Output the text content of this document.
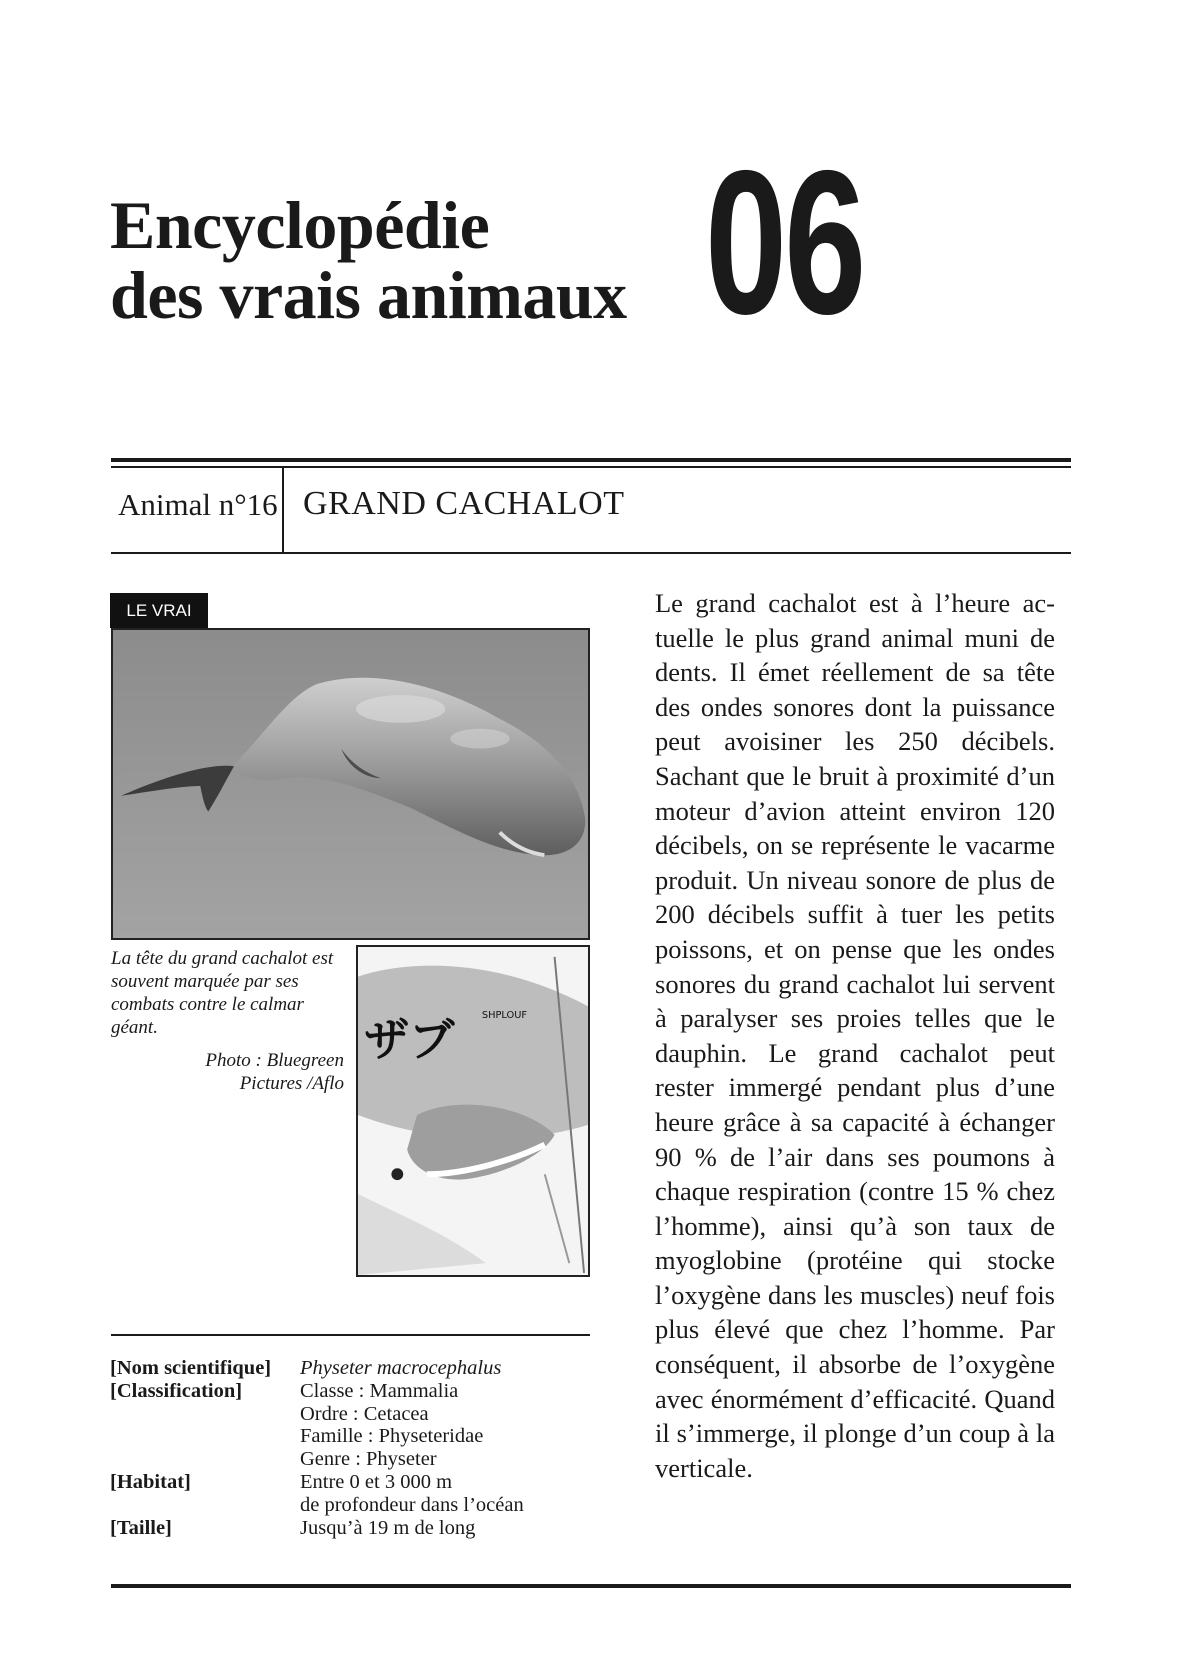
Encyclopédie
des vrais animaux 06
Animal n°16 GRAND CACHALOT
LE VRAI

La tête du grand cachalot est souvent marquée par ses combats contre le calmar géant.

Photo : Bluegreen
Pictures /Aflo

ザブ	SHPLOUF
Le grand cachalot est à l’heure actuelle le plus grand animal muni de dents. Il émet réellement de sa tête des ondes sonores dont la puissance peut avoisiner les 250 décibels. Sachant que le bruit à proximité d’un moteur d’avion atteint environ 120 décibels, on se représente le vacarme produit. Un niveau sonore de plus de 200 décibels suffit à tuer les petits poissons, et on pense que les ondes sonores du grand cachalot lui servent à paralyser ses proies telles que le dauphin. Le grand cachalot peut rester immergé pendant plus d’une heure grâce à sa capacité à échanger 90 % de l’air dans ses poumons à chaque respiration (contre 15 % chez l’homme), ainsi qu’à son taux de myoglobine (protéine qui stocke l’oxygène dans les muscles) neuf fois plus élevé que chez l’homme. Par conséquent, il absorbe de l’oxygène avec énormément d’efficacité. Quand il s’immerge, il plonge d’un coup à la verticale.
[Nom scientifique]	Physeter macrocephalus
[Classification]	Classe : Mammalia
Ordre : Cetacea
Famille : Physeteridae
Genre : Physeter
[Habitat]	Entre 0 et 3 000 m
de profondeur dans l’océan
[Taille]	Jusqu’à 19 m de long
